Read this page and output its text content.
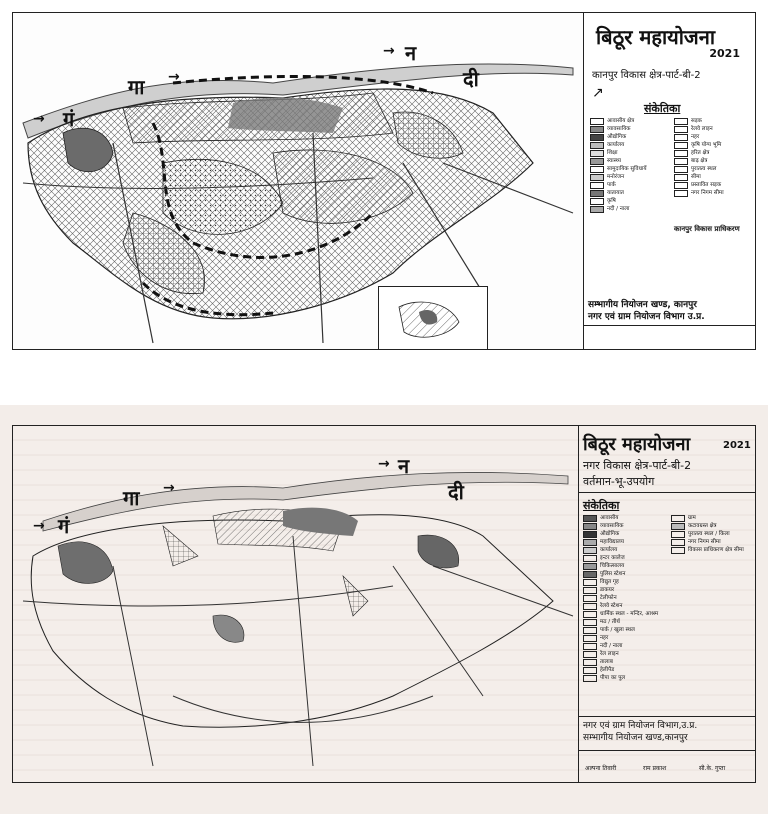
→ गं
गा →
→ न
दी
बिठूर महायोजना
2021
कानपुर विकास क्षेत्र-पार्ट-बी-2
↗
संकेतिका
आवासीय क्षेत्र
व्यावसायिक
औद्योगिक
कार्यालय
शिक्षा
स्वास्थ्य
सामुदायिक सुविधायें
मनोरंजन
पार्क
यातायात
कृषि
नदी / नाला
सड़क
रेलवे लाइन
नहर
कृषि योग्य भूमि
हरित क्षेत्र
बाढ़ क्षेत्र
पुरातत्व स्थल
सीमा
प्रस्तावित सड़क
नगर निगम सीमा
कानपुर विकास प्राधिकरण
सम्भागीय नियोजन खण्ड, कानपुर
नगर एवं ग्राम नियोजन विभाग उ.प्र.
→ गं
गा →
→ न
दी
बिठूर महायोजना	2021
नगर विकास क्षेत्र-पार्ट-बी-2
वर्तमान-भू-उपयोग
संकेतिका
आवासीय
व्यावसायिक
औद्योगिक
महाविद्यालय
कार्यालय
इन्टर कालेज
चिकित्सालय
पुलिस स्टेशन
विद्युत गृह
डाकघर
टेलीफोन
रेलवे स्टेशन
धार्मिक स्थल - मन्दिर, आश्रम
मठ / तीर्थ
पार्क / खुला स्थल
नहर
नदी / नाला
रेल लाइन
तालाब
हेलीपैड
पीपा का पुल
ग्राम
कटावग्रस्त क्षेत्र
पुरातत्व स्थल / किला
नगर निगम सीमा
विकास प्राधिकरण क्षेत्र सीमा
नगर एवं ग्राम नियोजन विभाग,उ.प्र.
सम्भागीय नियोजन खण्ड,कानपुर
अल्पना तिवारी	राम प्रकाश	सी.के. गुप्ता
